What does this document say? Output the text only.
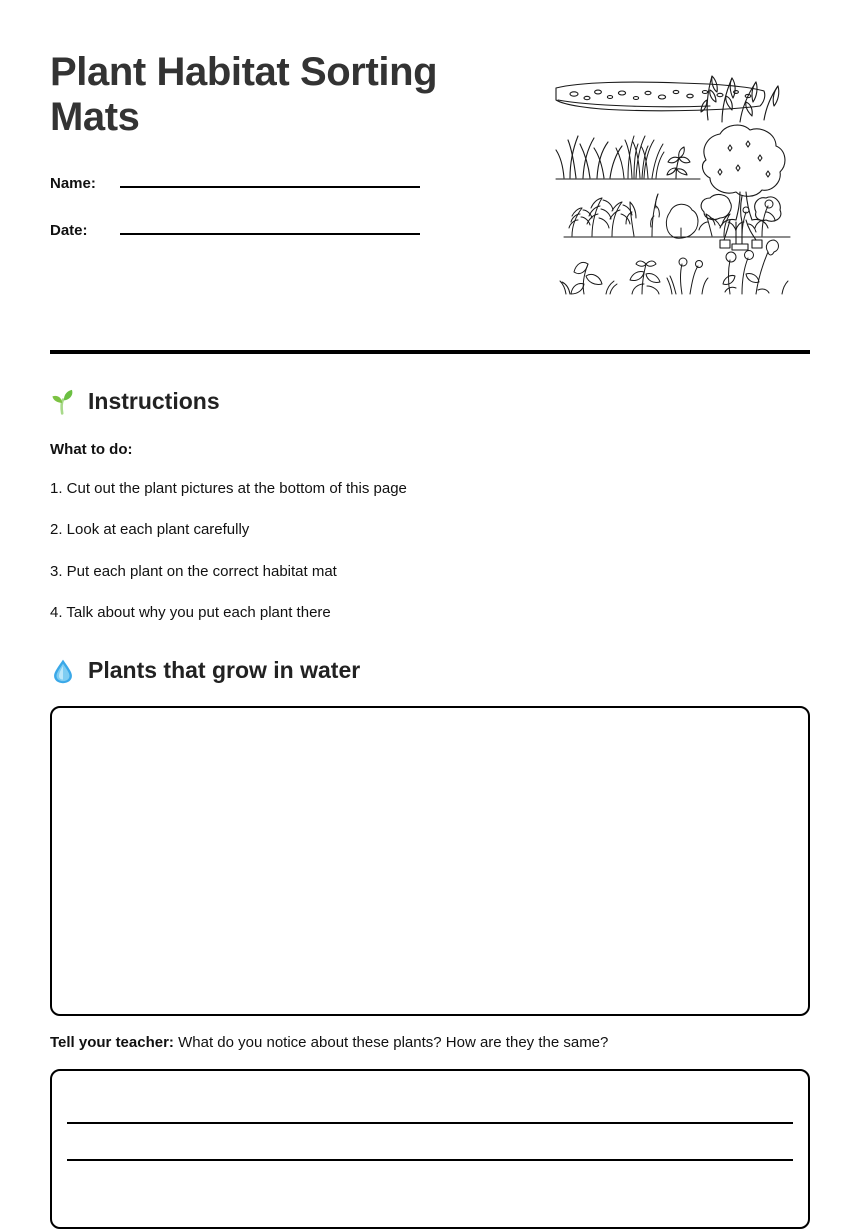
Plant Habitat Sorting Mats
Name:
Date:
Instructions
What to do:
1. Cut out the plant pictures at the bottom of this page
2. Look at each plant carefully
3. Put each plant on the correct habitat mat
4. Talk about why you put each plant there
Plants that grow in water
Tell your teacher: What do you notice about these plants? How are they the same?
